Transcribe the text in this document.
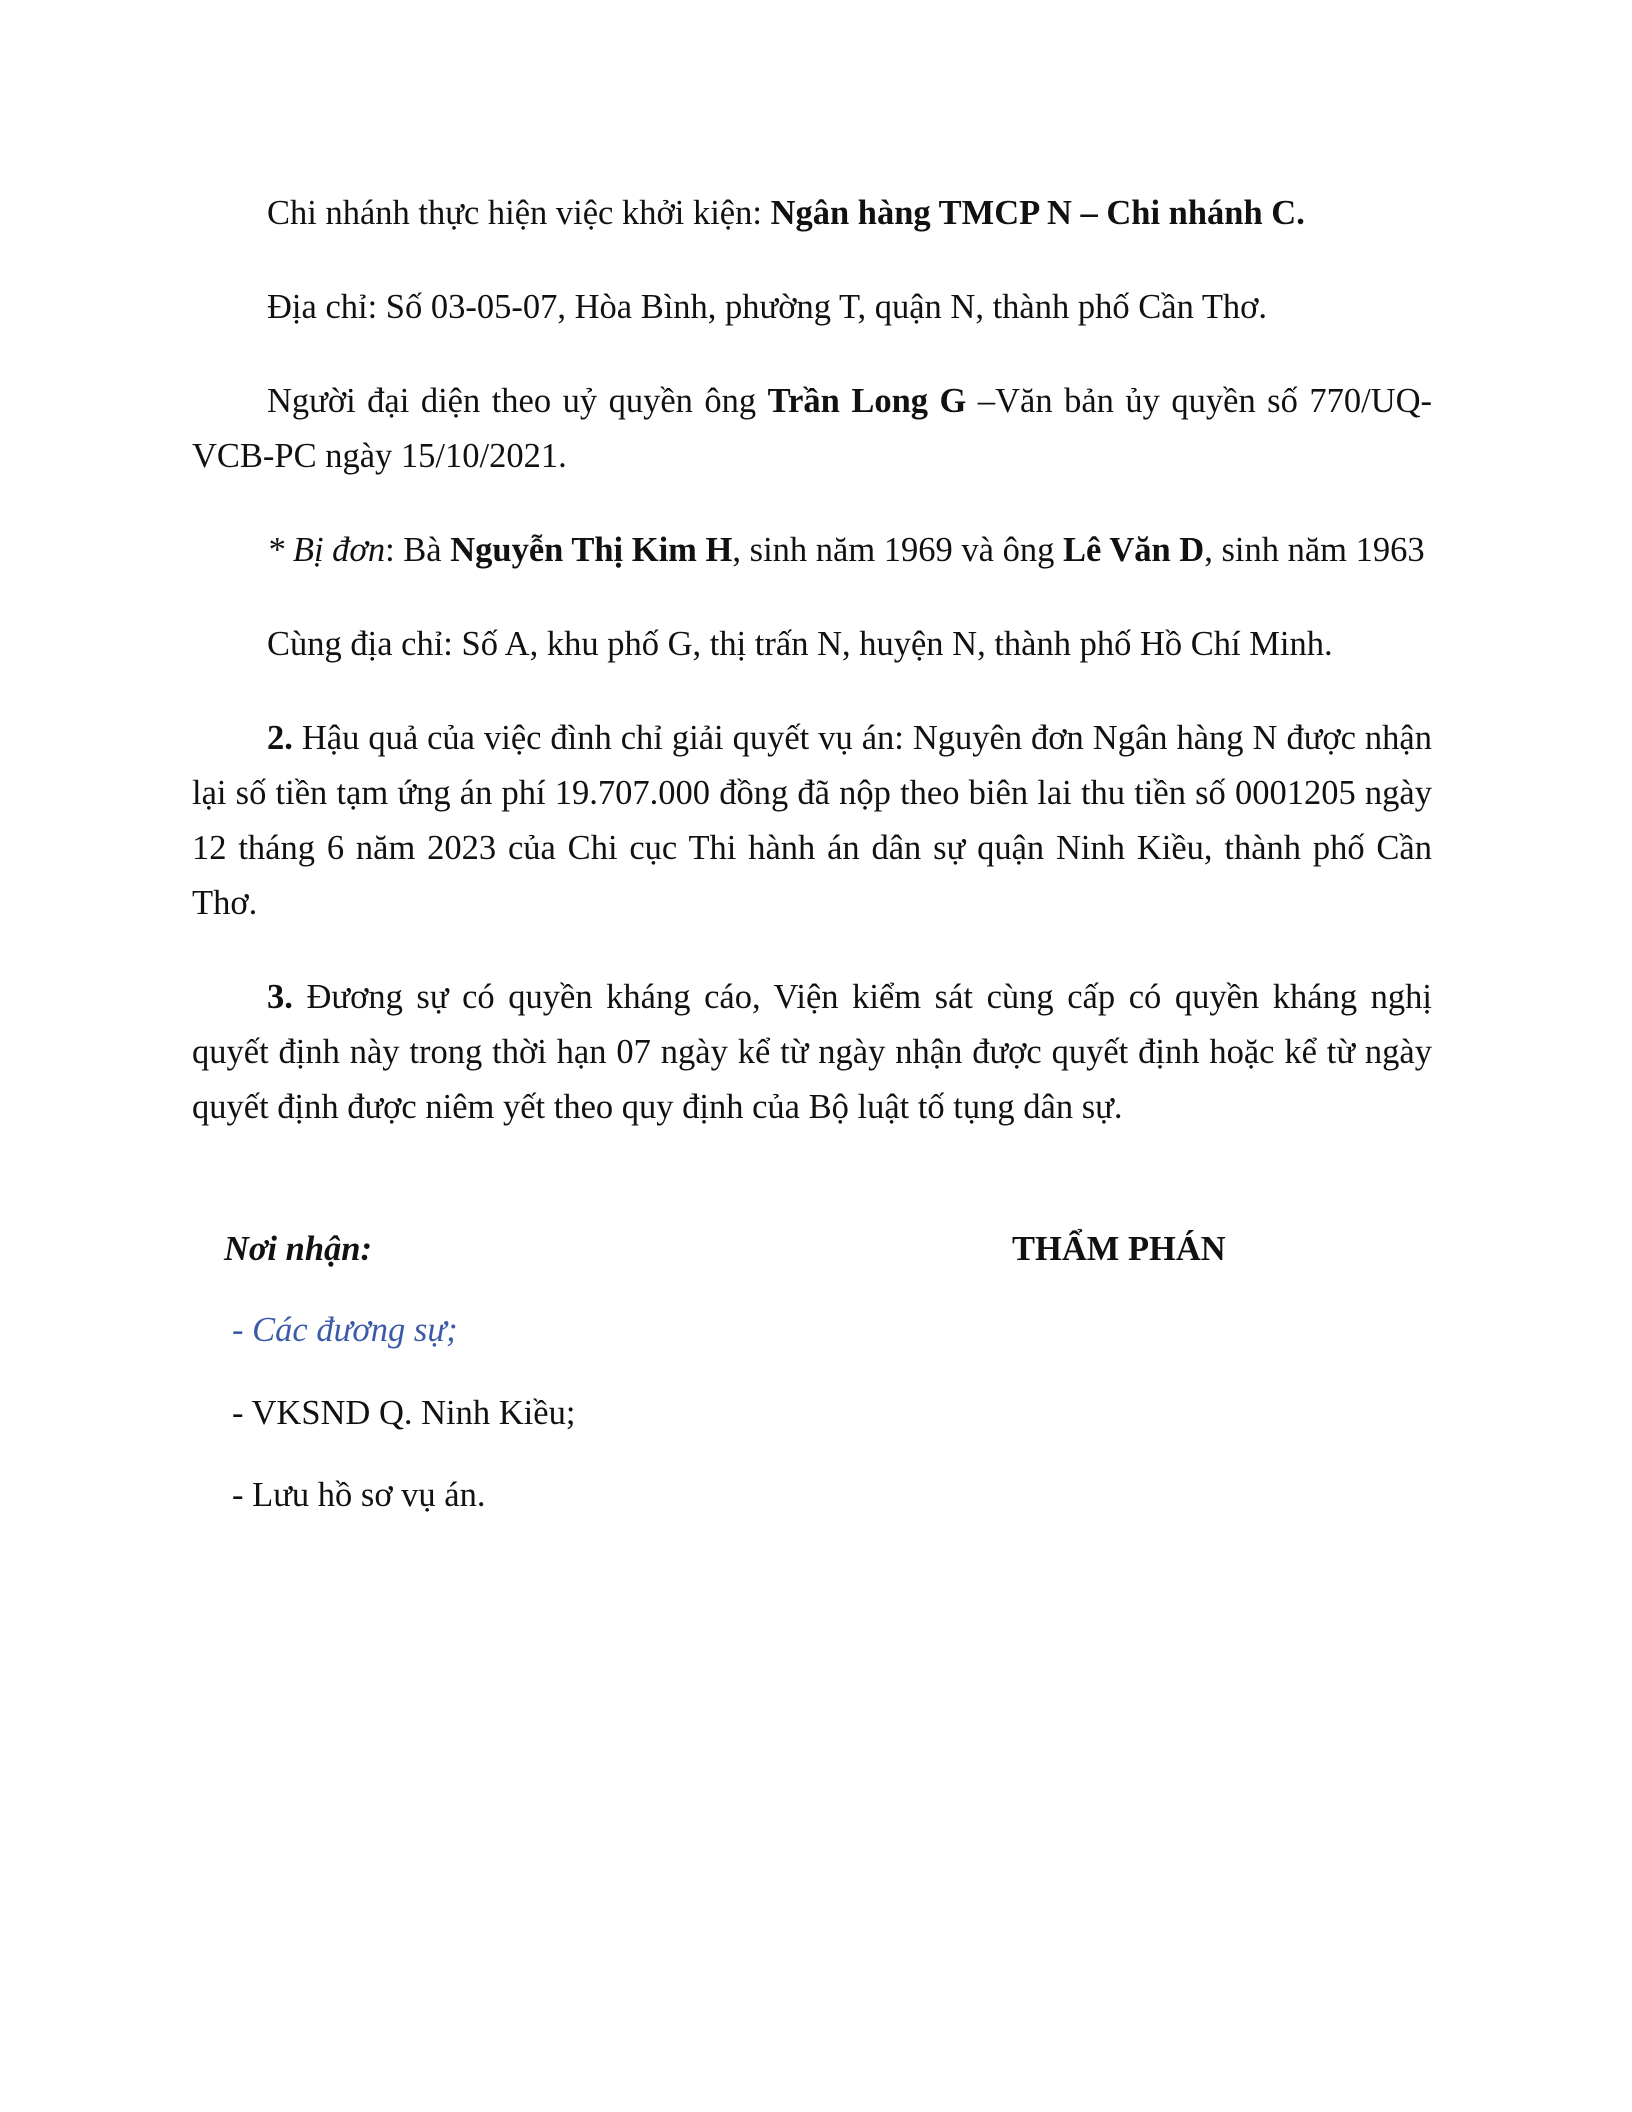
Chi nhánh thực hiện việc khởi kiện: Ngân hàng TMCP N – Chi nhánh C.

Địa chỉ: Số 03-05-07, Hòa Bình, phường T, quận N, thành phố Cần Thơ.

Người đại diện theo uỷ quyền ông Trần Long G –Văn bản ủy quyền số 770/UQ-VCB-PC ngày 15/10/2021.

* Bị đơn: Bà Nguyễn Thị Kim H, sinh năm 1969 và ông Lê Văn D, sinh năm 1963

Cùng địa chỉ: Số A, khu phố G, thị trấn N, huyện N, thành phố Hồ Chí Minh.

2. Hậu quả của việc đình chỉ giải quyết vụ án: Nguyên đơn Ngân hàng N được nhận lại số tiền tạm ứng án phí 19.707.000 đồng đã nộp theo biên lai thu tiền số 0001205 ngày 12 tháng 6 năm 2023 của Chi cục Thi hành án dân sự quận Ninh Kiều, thành phố Cần Thơ.

3. Đương sự có quyền kháng cáo, Viện kiểm sát cùng cấp có quyền kháng nghị quyết định này trong thời hạn 07 ngày kể từ ngày nhận được quyết định hoặc kể từ ngày quyết định được niêm yết theo quy định của Bộ luật tố tụng dân sự.

Nơi nhận:	THẨM PHÁN
- Các đương sự;
- VKSND Q. Ninh Kiều;
- Lưu hồ sơ vụ án.
